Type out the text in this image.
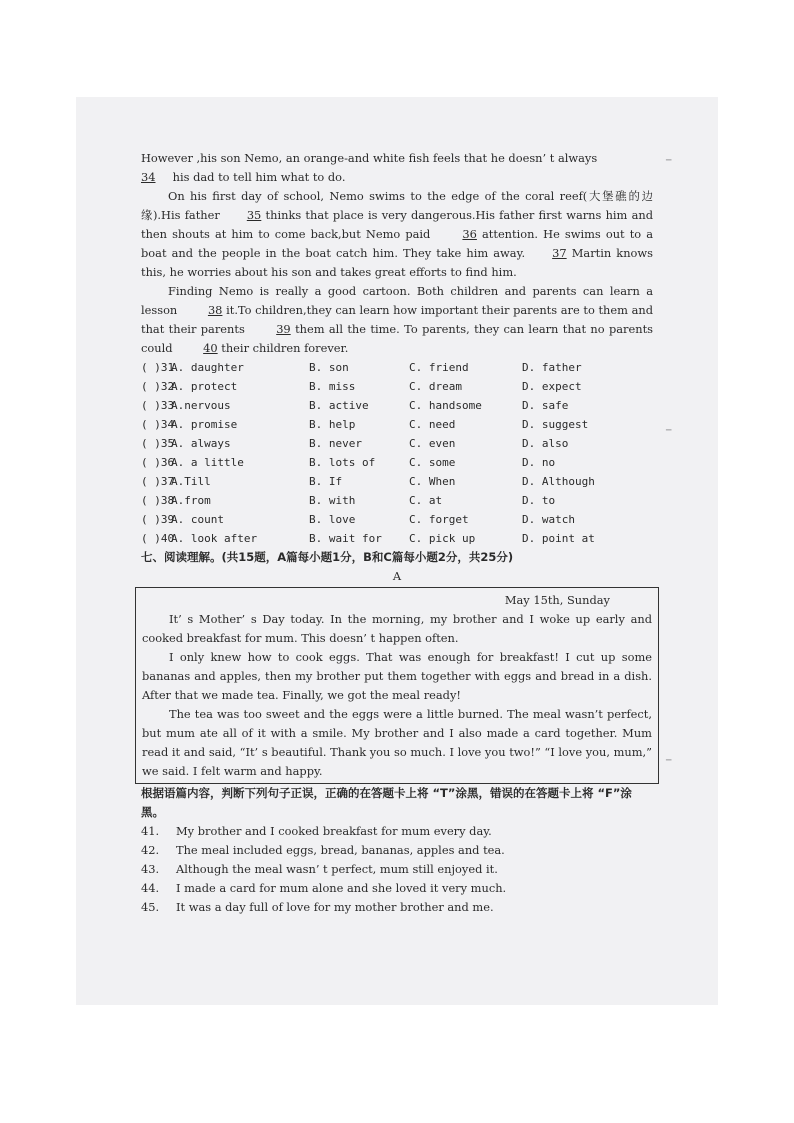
━
━
━

However ,his son Nemo, an orange-and white fish feels that he doesn’ t always
34 his dad to tell him what to do.

On his first day of school, Nemo swims to the edge of the coral reef(大堡礁的边缘).His father 35 thinks that place is very dangerous.His father first warns him and then shouts at him to come back,but Nemo paid	36 attention. He swims out to a boat and the people in the boat catch him. They take him away. 37 Martin knows this, he worries about his son and takes great efforts to find him.

Finding Nemo is really a good cartoon. Both children and parents can learn a lesson	38 it.To children,they can learn how important their parents are to them and that their parents	39 them all the time. To parents, they can learn that no parents could	40 their children forever.

( )31
A. daughter	B. son	C. friend	D. father
( )32
A. protect	B. miss	C. dream	D. expect
( )33
A.nervous	B. active	C. handsome	D. safe
( )34
A. promise	B. help	C. need	D. suggest
( )35
A. always	B. never	C. even	D. also
( )36
A. a little	B. lots of	C. some	D. no
( )37
A.Till	B. If	C. When	D. Although
( )38
A.from	B. with	C. at	D. to
( )39
A. count	B. love	C. forget	D. watch
( )40
A. look after	B. wait for	C. pick up	D. point at

七、阅读理解。(共15题，A篇每小题1分，B和C篇每小题2分，共25分)

A

May 15th, Sunday

It’ s Mother’ s Day today. In the morning, my brother and I woke up early and cooked breakfast for mum. This doesn’ t happen often.

I only knew how to cook eggs. That was enough for breakfast! I cut up some bananas and apples, then my brother put them together with eggs and bread in a dish. After that we made tea. Finally, we got the meal ready!

The tea was too sweet and the eggs were a little burned. The meal wasn’t perfect, but mum ate all of it with a smile. My brother and I also made a card together. Mum read it and said, “It’ s beautiful. Thank you so much. I love you two!” “I love you, mum,” we said. I felt warm and happy.

根据语篇内容，判断下列句子正误，正确的在答题卡上将 “T”涂黑，错误的在答题卡上将 “F”涂黑。

41.	My brother and I cooked breakfast for mum every day.

42.	The meal included eggs, bread, bananas, apples and tea.

43.	Although the meal wasn’ t perfect, mum still enjoyed it.

44.	I made a card for mum alone and she loved it very much.

45.	It was a day full of love for my mother brother and me.
